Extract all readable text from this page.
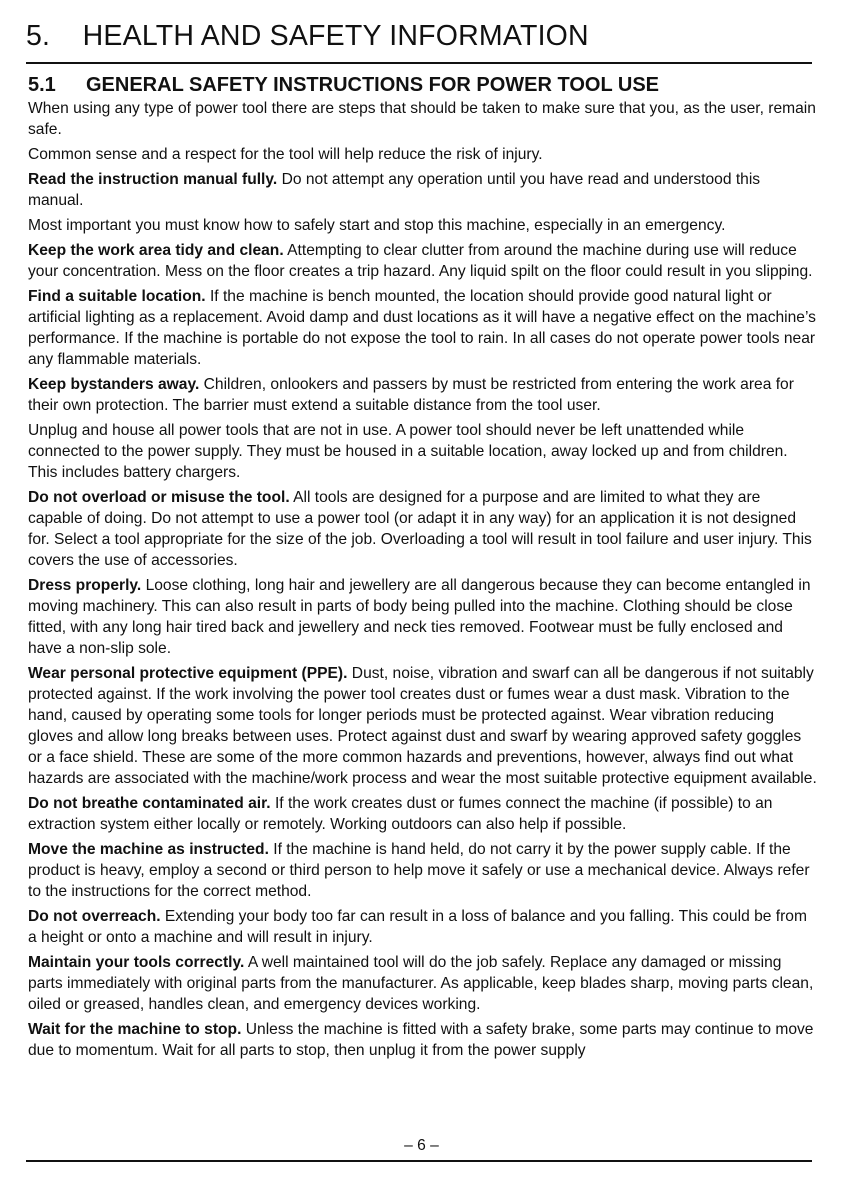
5.    HEALTH AND SAFETY INFORMATION
5.1 GENERAL SAFETY INSTRUCTIONS FOR POWER TOOL USE

When using any type of power tool there are steps that should be taken to make sure that you, as the user, remain safe.

Common sense and a respect for the tool will help reduce the risk of injury.

Read the instruction manual fully. Do not attempt any operation until you have read and understood this manual.

Most important you must know how to safely start and stop this machine, especially in an emergency.

Keep the work area tidy and clean. Attempting to clear clutter from around the machine during use will reduce your concentration. Mess on the floor creates a trip hazard. Any liquid spilt on the floor could result in you slipping.

Find a suitable location. If the machine is bench mounted, the location should provide good natural light or artificial lighting as a replacement. Avoid damp and dust locations as it will have a negative effect on the machine’s performance. If the machine is portable do not expose the tool to rain. In all cases do not operate power tools near any flammable materials.

Keep bystanders away. Children, onlookers and passers by must be restricted from entering the work area for their own protection. The barrier must extend a suitable distance from the tool user.

Unplug and house all power tools that are not in use. A power tool should never be left unattended while connected to the power supply. They must be housed in a suitable location, away locked up and from children. This includes battery chargers.

Do not overload or misuse the tool. All tools are designed for a purpose and are limited to what they are capable of doing. Do not attempt to use a power tool (or adapt it in any way) for an application it is not designed for. Select a tool appropriate for the size of the job. Overloading a tool will result in tool failure and user injury. This covers the use of accessories.

Dress properly. Loose clothing, long hair and jewellery are all dangerous because they can become entangled in moving machinery. This can also result in parts of body being pulled into the machine. Clothing should be close fitted, with any long hair tired back and jewellery and neck ties removed. Footwear must be fully enclosed and have a non-slip sole.

Wear personal protective equipment (PPE). Dust, noise, vibration and swarf can all be dangerous if not suitably protected against. If the work involving the power tool creates dust or fumes wear a dust mask. Vibration to the hand, caused by operating some tools for longer periods must be protected against. Wear vibration reducing gloves and allow long breaks between uses. Protect against dust and swarf by wearing approved safety goggles or a face shield. These are some of the more common hazards and preventions, however, always find out what hazards are associated with the machine/work process and wear the most suitable protective equipment available.

Do not breathe contaminated air. If the work creates dust or fumes connect the machine (if possible) to an extraction system either locally or remotely. Working outdoors can also help if possible.

Move the machine as instructed. If the machine is hand held, do not carry it by the power supply cable. If the product is heavy, employ a second or third person to help move it safely or use a mechanical device. Always refer to the instructions for the correct method.

Do not overreach. Extending your body too far can result in a loss of balance and you falling. This could be from a height or onto a machine and will result in injury.

Maintain your tools correctly. A well maintained tool will do the job safely. Replace any damaged or missing parts immediately with original parts from the manufacturer. As applicable, keep blades sharp, moving parts clean, oiled or greased, handles clean, and emergency devices working.

Wait for the machine to stop. Unless the machine is fitted with a safety brake, some parts may continue to move due to momentum. Wait for all parts to stop, then unplug it from the power supply

– 6 –
